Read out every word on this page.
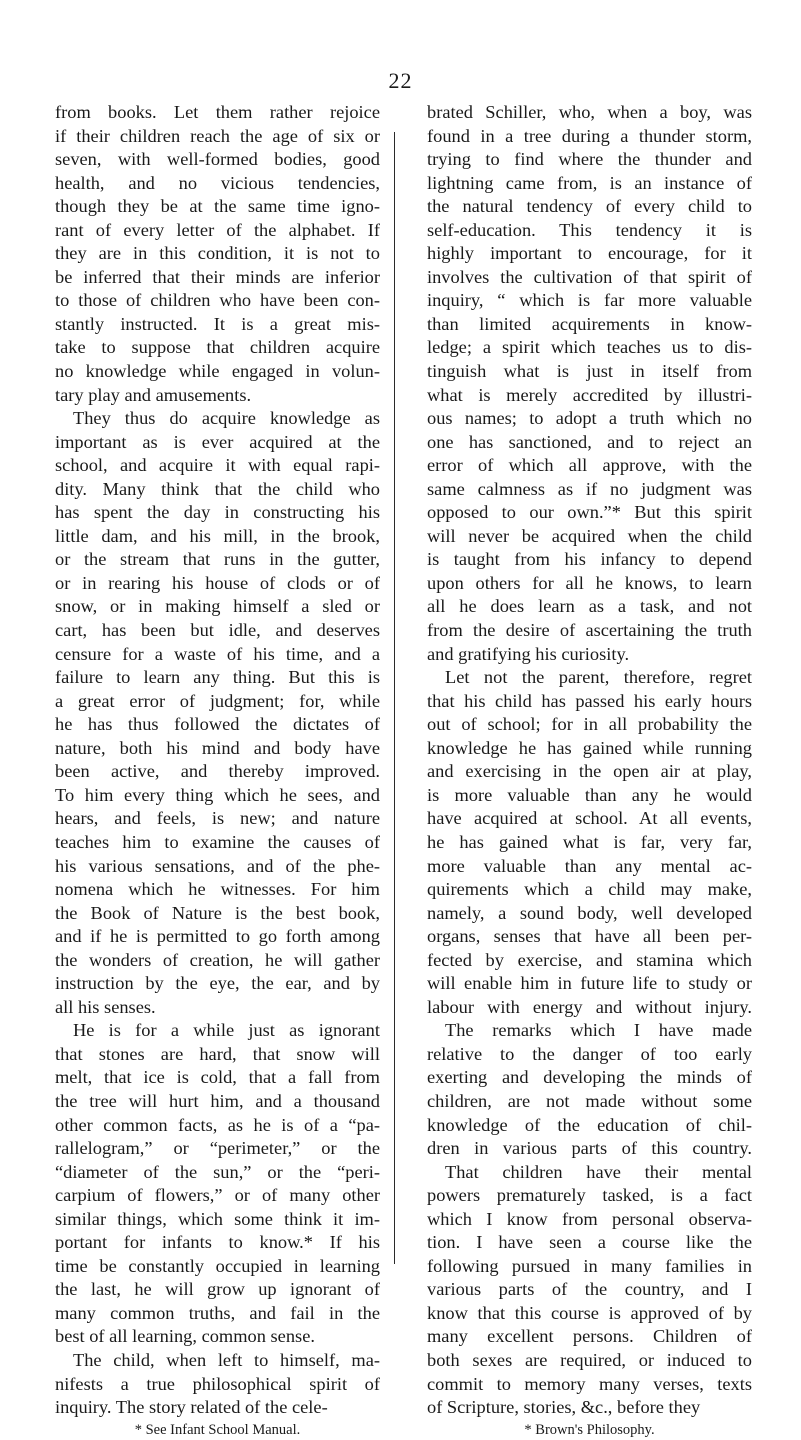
22
from books. Let them rather rejoice
if their children reach the age of six or
seven, with well-formed bodies, good
health, and no vicious tendencies,
though they be at the same time igno-
rant of every letter of the alphabet. If
they are in this condition, it is not to
be inferred that their minds are inferior
to those of children who have been con-
stantly instructed. It is a great mis-
take to suppose that children acquire
no knowledge while engaged in volun-
tary play and amusements.
They thus do acquire knowledge as
important as is ever acquired at the
school, and acquire it with equal rapi-
dity. Many think that the child who
has spent the day in constructing his
little dam, and his mill, in the brook,
or the stream that runs in the gutter,
or in rearing his house of clods or of
snow, or in making himself a sled or
cart, has been but idle, and deserves
censure for a waste of his time, and a
failure to learn any thing. But this is
a great error of judgment; for, while
he has thus followed the dictates of
nature, both his mind and body have
been active, and thereby improved.
To him every thing which he sees, and
hears, and feels, is new; and nature
teaches him to examine the causes of
his various sensations, and of the phe-
nomena which he witnesses. For him
the Book of Nature is the best book,
and if he is permitted to go forth among
the wonders of creation, he will gather
instruction by the eye, the ear, and by
all his senses.
He is for a while just as ignorant
that stones are hard, that snow will
melt, that ice is cold, that a fall from
the tree will hurt him, and a thousand
other common facts, as he is of a “pa-
rallelogram,” or “perimeter,” or the
“diameter of the sun,” or the “peri-
carpium of flowers,” or of many other
similar things, which some think it im-
portant for infants to know.* If his
time be constantly occupied in learning
the last, he will grow up ignorant of
many common truths, and fail in the
best of all learning, common sense.
The child, when left to himself, ma-
nifests a true philosophical spirit of
inquiry. The story related of the cele-
* See Infant School Manual.
brated Schiller, who, when a boy, was
found in a tree during a thunder storm,
trying to find where the thunder and
lightning came from, is an instance of
the natural tendency of every child to
self-education. This tendency it is
highly important to encourage, for it
involves the cultivation of that spirit of
inquiry, “ which is far more valuable
than limited acquirements in know-
ledge; a spirit which teaches us to dis-
tinguish what is just in itself from
what is merely accredited by illustri-
ous names; to adopt a truth which no
one has sanctioned, and to reject an
error of which all approve, with the
same calmness as if no judgment was
opposed to our own.”* But this spirit
will never be acquired when the child
is taught from his infancy to depend
upon others for all he knows, to learn
all he does learn as a task, and not
from the desire of ascertaining the truth
and gratifying his curiosity.
Let not the parent, therefore, regret
that his child has passed his early hours
out of school; for in all probability the
knowledge he has gained while running
and exercising in the open air at play,
is more valuable than any he would
have acquired at school. At all events,
he has gained what is far, very far,
more valuable than any mental ac-
quirements which a child may make,
namely, a sound body, well developed
organs, senses that have all been per-
fected by exercise, and stamina which
will enable him in future life to study or
labour with energy and without injury.
The remarks which I have made
relative to the danger of too early
exerting and developing the minds of
children, are not made without some
knowledge of the education of chil-
dren in various parts of this country.
That children have their mental
powers prematurely tasked, is a fact
which I know from personal observa-
tion. I have seen a course like the
following pursued in many families in
various parts of the country, and I
know that this course is approved of by
many excellent persons. Children of
both sexes are required, or induced to
commit to memory many verses, texts
of Scripture, stories, &c., before they
* Brown's Philosophy.
